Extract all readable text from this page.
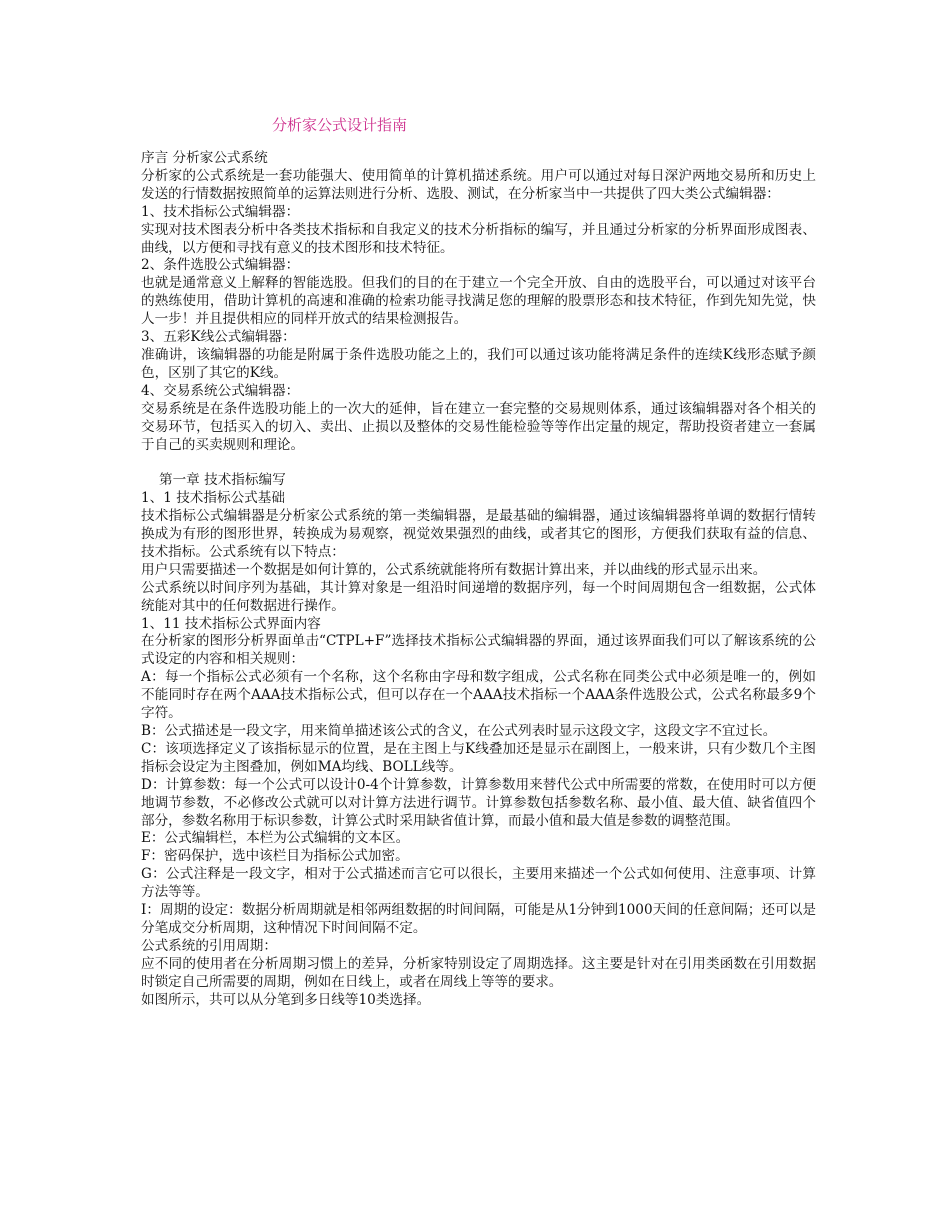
分析家公式设计指南

序言 分析家公式系统

分析家的公式系统是一套功能强大、使用简单的计算机描述系统。用户可以通过对每日深沪两地交易所和历史上发送的行情数据按照简单的运算法则进行分析、选股、测试，在分析家当中一共提供了四大类公式编辑器：

1、技术指标公式编辑器：

实现对技术图表分析中各类技术指标和自我定义的技术分析指标的编写，并且通过分析家的分析界面形成图表、曲线，以方便和寻找有意义的技术图形和技术特征。

2、条件选股公式编辑器：

也就是通常意义上解释的智能选股。但我们的目的在于建立一个完全开放、自由的选股平台，可以通过对该平台的熟练使用，借助计算机的高速和准确的检索功能寻找满足您的理解的股票形态和技术特征，作到先知先觉，快人一步！并且提供相应的同样开放式的结果检测报告。

3、五彩K线公式编辑器：

准确讲，该编辑器的功能是附属于条件选股功能之上的，我们可以通过该功能将满足条件的连续K线形态赋予颜色，区别了其它的K线。

4、交易系统公式编辑器：

交易系统是在条件选股功能上的一次大的延伸，旨在建立一套完整的交易规则体系，通过该编辑器对各个相关的交易环节，包括买入的切入、卖出、止损以及整体的交易性能检验等等作出定量的规定，帮助投资者建立一套属于自己的买卖规则和理论。

第一章 技术指标编写

1、1 技术指标公式基础

技术指标公式编辑器是分析家公式系统的第一类编辑器，是最基础的编辑器，通过该编辑器将单调的数据行情转换成为有形的图形世界，转换成为易观察，视觉效果强烈的曲线，或者其它的图形，方便我们获取有益的信息、技术指标。公式系统有以下特点：

用户只需要描述一个数据是如何计算的，公式系统就能将所有数据计算出来，并以曲线的形式显示出来。

公式系统以时间序列为基础，其计算对象是一组沿时间递增的数据序列，每一个时间周期包含一组数据，公式体统能对其中的任何数据进行操作。

1、11 技术指标公式界面内容

在分析家的图形分析界面单击“CTPL+F”选择技术指标公式编辑器的界面，通过该界面我们可以了解该系统的公式设定的内容和相关规则：

A：每一个指标公式必须有一个名称，这个名称由字母和数字组成，公式名称在同类公式中必须是唯一的，例如不能同时存在两个AAA技术指标公式，但可以存在一个AAA技术指标一个AAA条件选股公式，公式名称最多9个字符。

B：公式描述是一段文字，用来简单描述该公式的含义，在公式列表时显示这段文字，这段文字不宜过长。

C：该项选择定义了该指标显示的位置，是在主图上与K线叠加还是显示在副图上，一般来讲，只有少数几个主图指标会设定为主图叠加，例如MA均线、BOLL线等。

D：计算参数：每一个公式可以设计0-4个计算参数，计算参数用来替代公式中所需要的常数，在使用时可以方便地调节参数，不必修改公式就可以对计算方法进行调节。计算参数包括参数名称、最小值、最大值、缺省值四个部分，参数名称用于标识参数，计算公式时采用缺省值计算，而最小值和最大值是参数的调整范围。

E：公式编辑栏，本栏为公式编辑的文本区。

F：密码保护，选中该栏目为指标公式加密。

G：公式注释是一段文字，相对于公式描述而言它可以很长，主要用来描述一个公式如何使用、注意事项、计算方法等等。

I：周期的设定：数据分析周期就是相邻两组数据的时间间隔，可能是从1分钟到1000天间的任意间隔；还可以是分笔成交分析周期，这种情况下时间间隔不定。

公式系统的引用周期：

应不同的使用者在分析周期习惯上的差异，分析家特别设定了周期选择。这主要是针对在引用类函数在引用数据时锁定自己所需要的周期，例如在日线上，或者在周线上等等的要求。

如图所示，共可以从分笔到多日线等10类选择。
